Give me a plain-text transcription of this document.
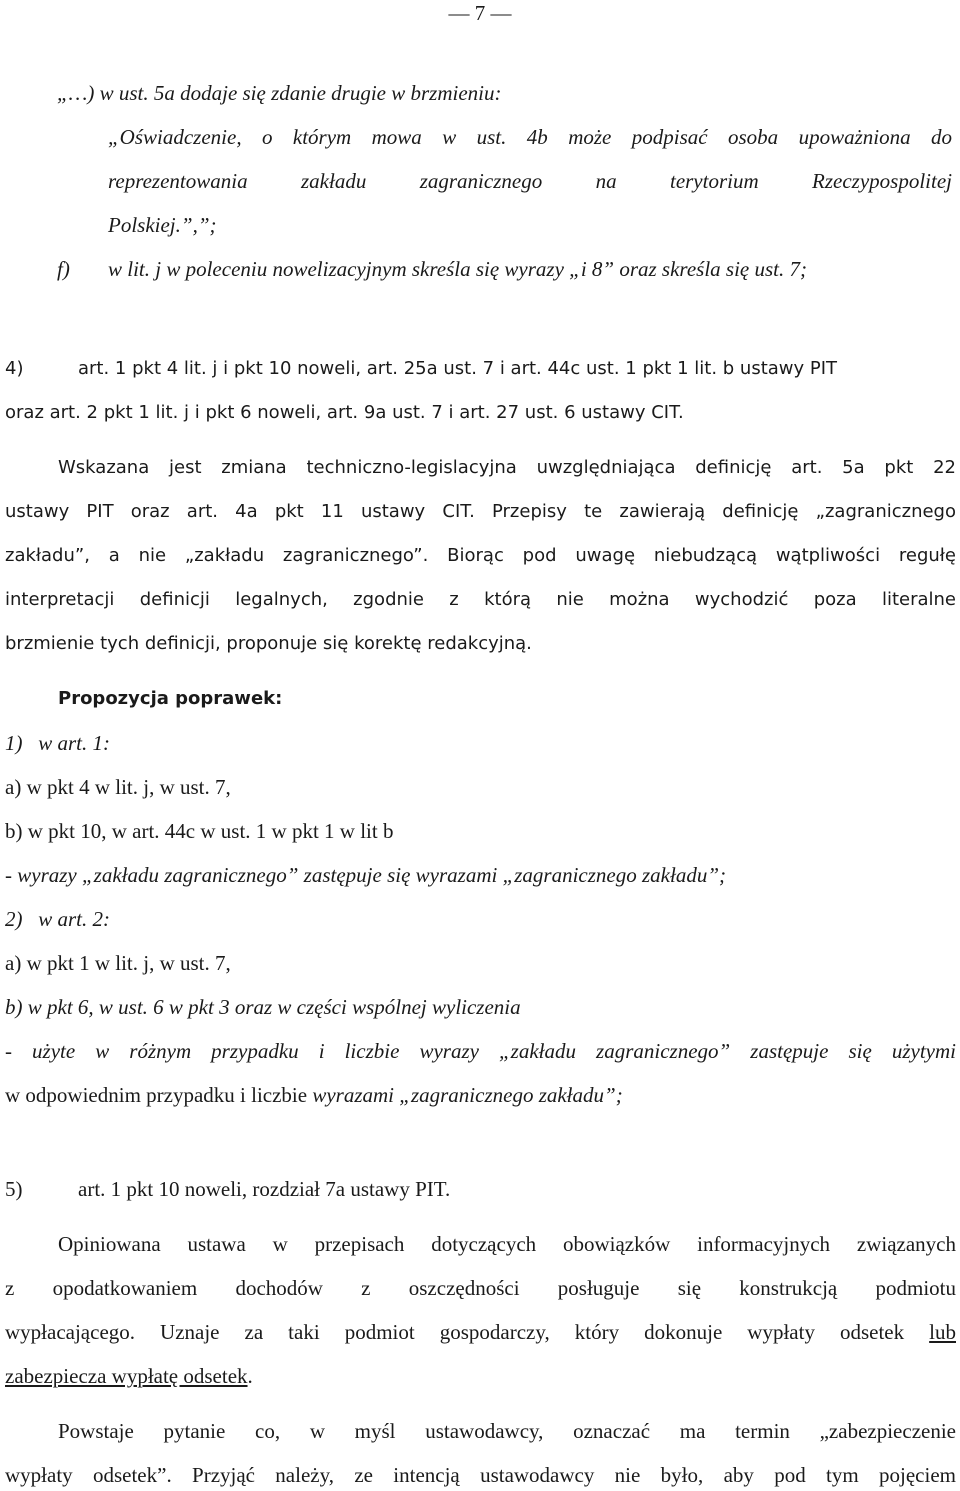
— 7 —
„…) w ust. 5a dodaje się zdanie drugie w brzmieniu:
„Oświadczenie, o którym mowa w ust. 4b może podpisać osoba upoważniona do
reprezentowania zakładu zagranicznego na terytorium Rzeczypospolitej
Polskiej.”,”;
f)	w lit. j w poleceniu nowelizacyjnym skreśla się wyrazy „i 8” oraz skreśla się ust. 7;
4)	art. 1 pkt 4 lit. j i pkt 10 noweli, art. 25a ust. 7 i art. 44c ust. 1 pkt 1 lit. b ustawy PIT
oraz art. 2 pkt 1 lit. j i pkt 6 noweli, art. 9a ust. 7 i art. 27 ust. 6 ustawy CIT.
Wskazana jest zmiana techniczno-legislacyjna uwzględniająca definicję art. 5a pkt 22
ustawy PIT oraz art. 4a pkt 11 ustawy CIT. Przepisy te zawierają definicję „zagranicznego
zakładu”, a nie „zakładu zagranicznego”. Biorąc pod uwagę niebudzącą wątpliwości regułę
interpretacji definicji legalnych, zgodnie z którą nie można wychodzić poza literalne
brzmienie tych definicji, proponuje się korektę redakcyjną.
Propozycja poprawek:
1)   w art. 1:
a) w pkt 4 w lit. j, w ust. 7,
b) w pkt 10, w art. 44c w ust. 1 w pkt 1 w lit b
- wyrazy „zakładu zagranicznego” zastępuje się wyrazami „zagranicznego zakładu”;
2)   w art. 2:
a) w pkt 1 w lit. j, w ust. 7,
b) w pkt 6, w ust. 6 w pkt 3 oraz w części wspólnej wyliczenia
- użyte w różnym przypadku i liczbie wyrazy „zakładu zagranicznego” zastępuje się użytymi
w odpowiednim przypadku i liczbie wyrazami „zagranicznego zakładu”;
5)	art. 1 pkt 10 noweli, rozdział 7a ustawy PIT.
Opiniowana ustawa w przepisach dotyczących obowiązków informacyjnych związanych
z opodatkowaniem dochodów z oszczędności posługuje się konstrukcją podmiotu
wypłacającego. Uznaje za taki podmiot gospodarczy, który dokonuje wypłaty odsetek lub
zabezpiecza wypłatę odsetek.
Powstaje pytanie co, w myśl ustawodawcy, oznaczać ma termin „zabezpieczenie
wypłaty odsetek”. Przyjąć należy, ze intencją ustawodawcy nie było, aby pod tym pojęciem
